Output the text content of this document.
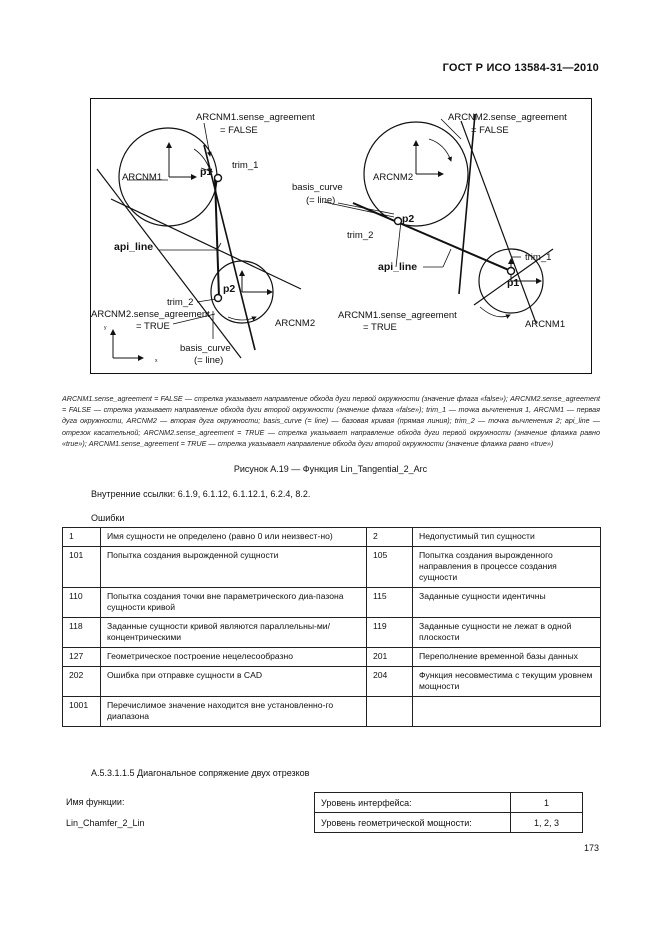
ГОСТ Р ИСО 13584-31—2010
ARCNM1.sense_agreement
= FALSE
ARCNM1	p1
trim_1
api_line
trim_2
p2
ARCNM2.sense_agreement
= TRUE	ARCNM2
basis_curve
(= line)
y
x
ARCNM2.sense_agreement
= FALSE
ARCNM2
basis_curve
(= line)
p2
trim_2
api_line
trim_1
p1
ARCNM1.sense_agreement
= TRUE	ARCNM1
ARCNM1.sense_agreement = FALSE — стрелка указывает направление обхода дуги первой окружности (значение флага «false»); ARCNM2.sense_agreement = FALSE — стрелка указывает направление обхода дуги второй окружности (значение флага «false»); trim_1 — точка вычленения 1, ARCNM1 — первая дуга окружности, ARCNM2 — вторая дуга окружности; basis_curve (= line) — базовая кривая (прямая линия); trim_2 — точка вычленения 2; api_line — отрезок касательной; ARCNM2.sense_agreement = TRUE — стрелка указывает направление обхода дуги первой окружности (значение флажка равно «true»); ARCNM1.sense_agreement = TRUE — стрелка указывает направление обхода дуги второй окружности (значение флажка равно «true»)
Рисунок А.19 — Функция Lin_Tangential_2_Arc
Внутренние ссылки: 6.1.9, 6.1.12, 6.1.12.1, 6.2.4, 8.2.
Ошибки
1	Имя сущности не определено (равно 0 или неизвест-но)	2	Недопустимый тип сущности
101	Попытка создания вырожденной сущности	105	Попытка создания вырожденного направления в процессе создания сущности
110	Попытка создания точки вне параметрического диа-пазона сущности кривой	115	Заданные сущности идентичны
118	Заданные сущности кривой являются параллельны-ми/концентрическими	119	Заданные сущности не лежат в одной плоскости
127	Геометрическое построение нецелесообразно	201	Переполнение временной базы данных
202	Ошибка при отправке сущности в CAD	204	Функция несовместима с текущим уровнем мощности
1001	Перечислимое значение находится вне установленно-го диапазона		
A.5.3.1.1.5 Диагональное сопряжение двух отрезков
Имя функции:
Lin_Chamfer_2_Lin
Уровень интерфейса:	1
Уровень геометрической мощности:	1, 2, 3
173
